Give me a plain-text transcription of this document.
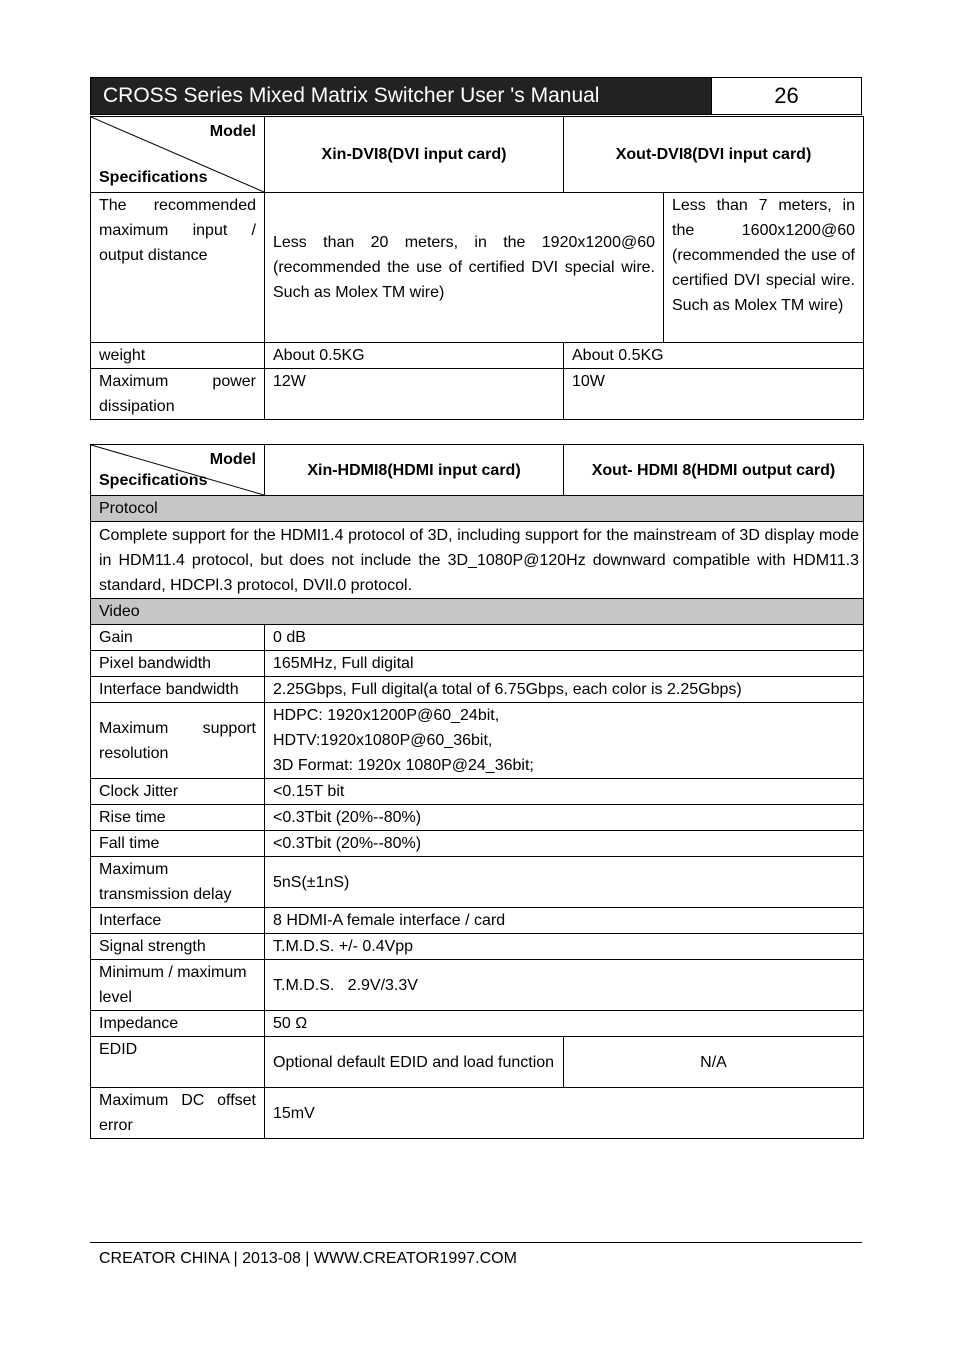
CROSS Series Mixed Matrix Switcher User 's Manual	26
Model
Specifications	Xin-DVI8(DVI input card)	Xout-DVI8(DVI input card)	
The recommended maximum input / output distance	Less than 20 meters, in the 1920x1200@60 (recommended the use of certified DVI special wire. Such as Molex TM wire)		Less than 7 meters, in the 1600x1200@60 (recommended the use of certified DVI special wire. Such as Molex TM wire)
weight	About 0.5KG	About 0.5KG	
Maximum power dissipation	12W	10W	
Model
Specifications	Xin-HDMI8(HDMI input card)	Xout- HDMI 8(HDMI output card)
Protocol		
Complete support for the HDMI1.4 protocol of 3D, including support for the mainstream of 3D display mode in HDM11.4 protocol, but does not include the 3D_1080P@120Hz downward compatible with HDM11.3 standard, HDCPl.3 protocol, DVIl.0 protocol.		
Video		
Gain	0 dB	
Pixel bandwidth	165MHz, Full digital	
Interface bandwidth	2.25Gbps, Full digital(a total of 6.75Gbps, each color is 2.25Gbps)	
Maximum support resolution	HDPC: 1920x1200P@60_24bit,
HDTV:1920x1080P@60_36bit,
3D Format: 1920x 1080P@24_36bit;	

Clock Jitter	<0.15T bit	
Rise time	<0.3Tbit (20%--80%)	
Fall time	<0.3Tbit (20%--80%)	
Maximum transmission delay	5nS(±1nS)	
Interface	8 HDMI-A female interface / card	
Signal strength	T.M.D.S. +/- 0.4Vpp	
Minimum / maximum level	T.M.D.S.   2.9V/3.3V	
Impedance	50 Ω	
EDID	Optional default EDID and load function	N/A
Maximum DC offset error	15mV	
CREATOR CHINA | 2013-08 | WWW.CREATOR1997.COM
